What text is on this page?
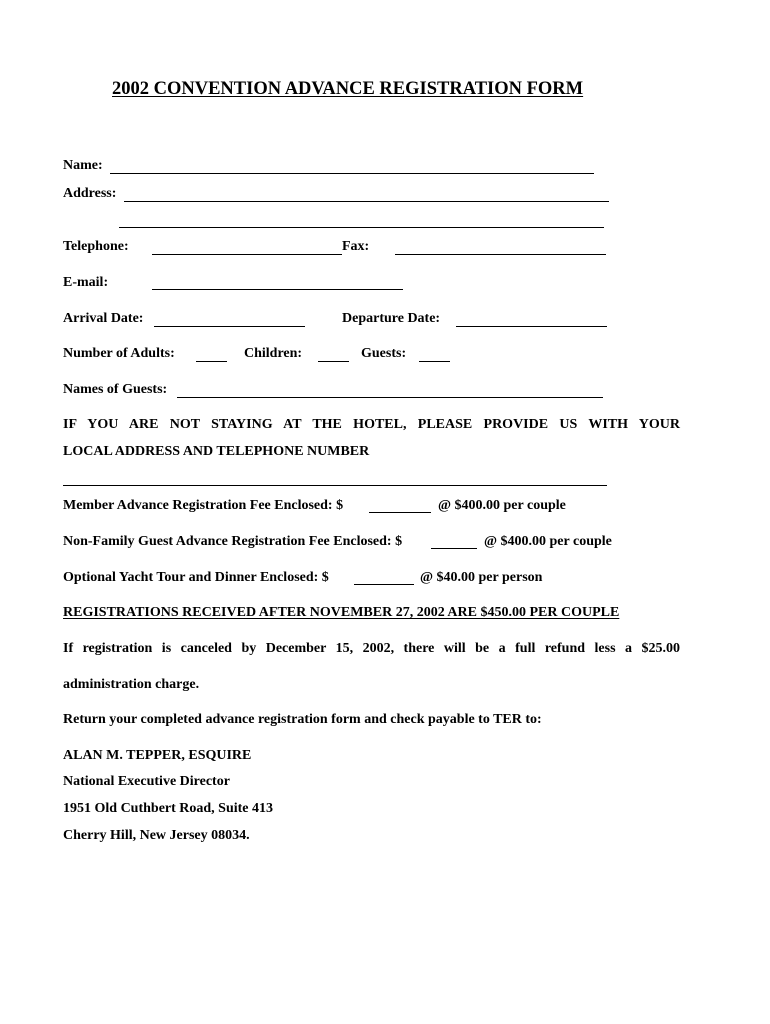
2002 CONVENTION ADVANCE REGISTRATION FORM
Name:
Address:
Telephone:	Fax:
E-mail:
Arrival Date:	Departure Date:
Number of Adults:	Children:	Guests:
Names of Guests:
IF YOU ARE NOT STAYING AT THE HOTEL, PLEASE PROVIDE US WITH YOUR
LOCAL ADDRESS AND TELEPHONE NUMBER
Member Advance Registration Fee Enclosed: $	@ $400.00 per couple
Non-Family Guest Advance Registration Fee Enclosed: $	@ $400.00 per couple
Optional Yacht Tour and Dinner Enclosed: $	@ $40.00 per person
REGISTRATIONS RECEIVED AFTER NOVEMBER 27, 2002 ARE $450.00 PER COUPLE
If registration is canceled by December 15, 2002, there will be a full refund less a $25.00
administration charge.
Return your completed advance registration form and check payable to TER to:
ALAN M. TEPPER, ESQUIRE
National Executive Director
1951 Old Cuthbert Road, Suite 413
Cherry Hill, New Jersey 08034.
